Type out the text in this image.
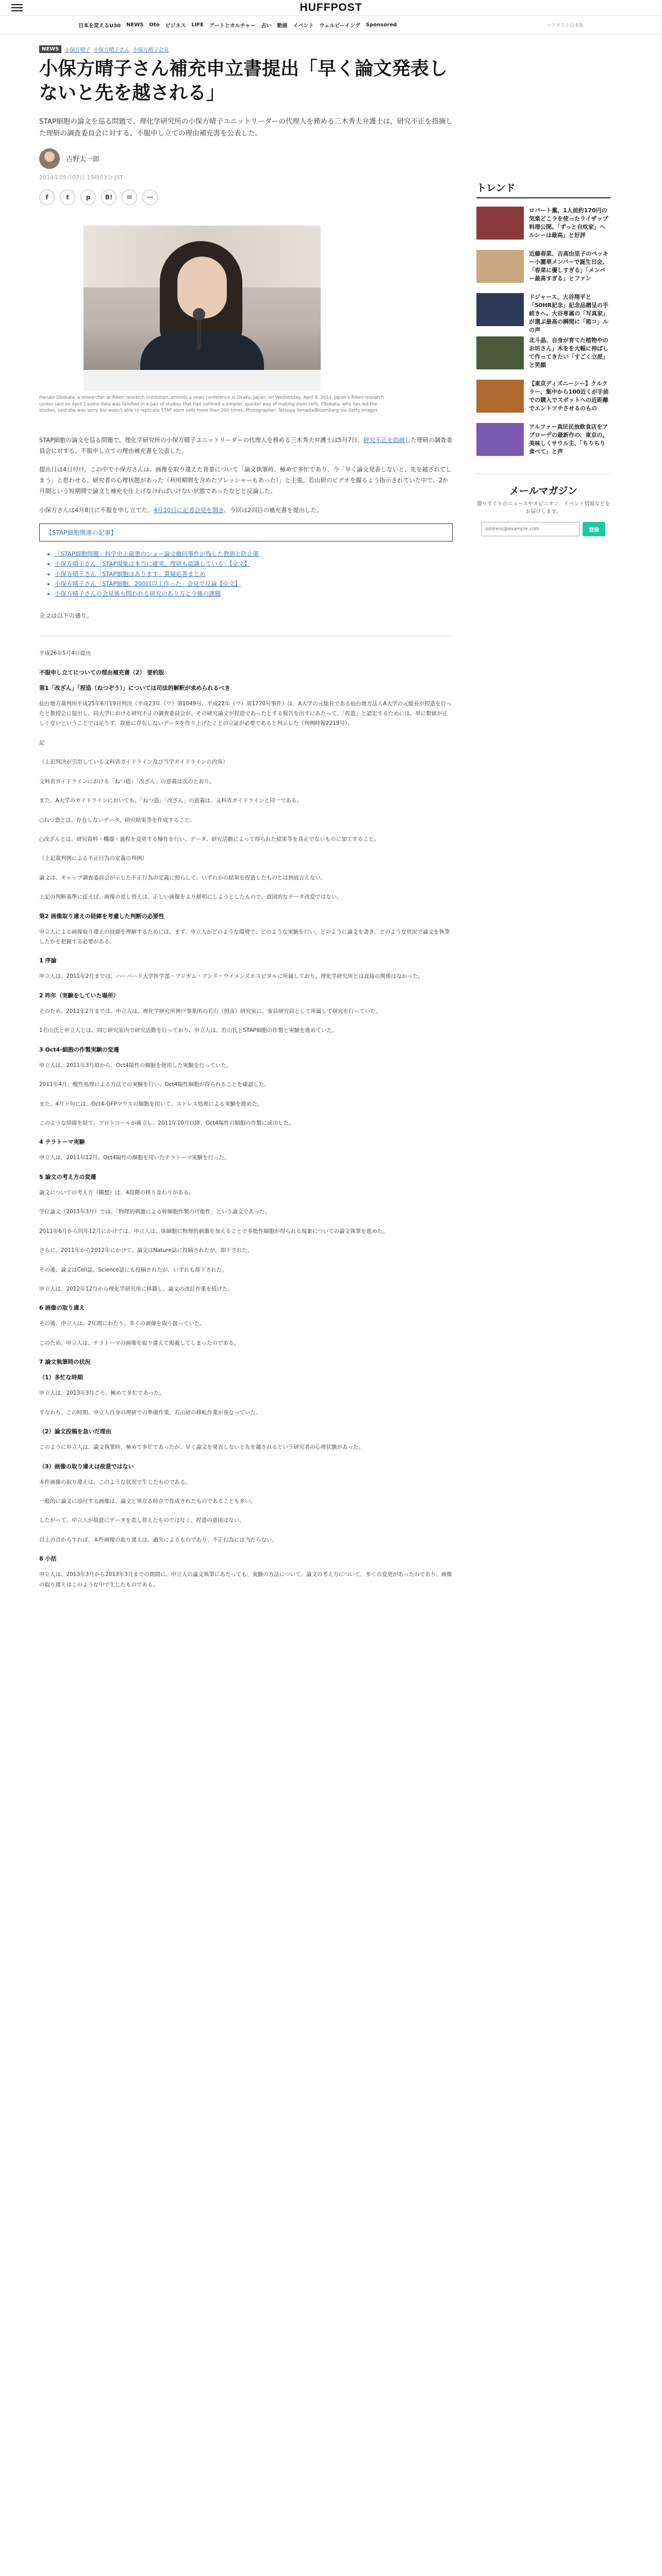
HUFFPOST
日本を変えるU30 NEWS Oto ビジネス LIFE アートとカルチャー 占い 動画 イベント ウェルビーイング Sponsored	ハフポスト日本版
NEWS	小保方晴子 小保方晴子さん 小保方晴子会見
小保方晴子さん補充申立書提出「早く論文発表しないと先を越される」

STAP細胞の論文を巡る問題で、理化学研究所の小保方晴子ユニットリーダーの代理人を務める三木秀夫弁護士は、研究不正を指摘した理研の調査委員会に対する、不服申し立ての理由補充書を公表した。

吉野太一郎
2014年05月07日 19時03分 JST
f	t	p	B!	✉	⋯

Haruko Obokata, a researcher at Riken research institution, attends a news conference in Osaka, Japan, on Wednesday, April 9, 2014. Japan's Riken research center said on April 1 some data was falsified in a pair of studies that had outlined a simpler, quicker way of making stem cells. Obokata, who has led the studies, said she was sorry but wasn't able to replicate STAP stem cells more than 200 times. Photographer: Tetsuya Yamada/Bloomberg via Getty Images

STAP細胞の論文を巡る問題で、理化学研究所の小保方晴子ユニットリーダーの代理人を務める三木秀夫弁護士は5月7日、研究不正を指摘した理研の調査委員会に対する、不服申し立ての理由補充書を公表した。

提出日は4日付け。この中で小保方さんは、画像を取り違えた背景について「論文執筆時、極めて多忙であり、今「早く論文発表しないと、先を越されてしまう」と思わせる、研究者の心理状態があった（利用期間を含めたプレッシャーもあった）」と主張。若山研のビデオを撮るよう指示されていた中で、2か月間という短期間で論文と補充を仕上げなければいけない状態であったなどと反論した。

小保方さんは4月8日に不服を申し立てた。4月10日に記者会見を開き、今回は2回目の補充書を提出した。

【STAP細胞関連の記事】
• 「STAP細胞問題」科学史上最悪のショー論文撤回事件が残した教訓と防止策
• 小保方晴子さん「STAP現象は本当に確実、理研も認識している」【全文】
• 小保方晴子さん「STAP細胞はあります」質疑応答まとめ
• 小保方晴子さん「STAP細胞、200回以上作った」会見で反論【全文】
• 小保方晴子さんの会見後も問われる研究のあり方と今後の課題

全文は以下の通り。

平成26年5月4日提出

不服申し立てについての理由補充書（2） 要約版
第1「改ざん」「捏造（ねつぞう）」については司法的解釈が求められるべき

仙台地方裁判所平成25年6月19日判決（平成23年（ワ）第1049号、平成22年（ワ）第1770号事件）は、A大学の元総長である仙台地方法人A大学の元総長が捏造を行ったと教授会に提出し、同大学における研究不正の調査委員会が、その研究論文が捏造であったとする報告を出すにあたって、「捏造」と認定するためには、単に数値が正しくないということでは足りず、故意に存在しないデータを作り上げたことの立証が必要であると判示した（判例時報2219号）。

記

（上記判決が引用している文科省ガイドライン及び当学ガイドラインの内容）

文科省ガイドラインにおける「ねつ造」「改ざん」の意義は次のとおり。

また、A大学のガイドラインにおいても、「ねつ造」「改ざん」の意義は、文科省ガイドラインと同一である。

○ねつ造とは、存在しないデータ、研究結果等を作成すること。

○改ざんとは、研究資料・機器・過程を変更する操作を行い、データ、研究活動によって得られた結果等を真正でないものに加工すること。

（上記裁判例による不正行為の定義の判例）

論文は、キャップ調査委員会が示した不正行為の定義に照らして、いずれかの結果を捏造したものとは到底言えない。

上記の判断基準に従えば、画像の差し替えは、正しい画像をより鮮明にしようとしたもので、意図的なデータ改変ではない。

第2 画像取り違えの経緯を考慮した判断の必要性

申立人による画像取り違えの経緯を理解するためには、まず、申立人がどのような環境で、どのような実験を行い、どのように論文を書き、どのような状況で論文を執筆したかを把握する必要がある。

1 序論

申立人は、2011年2月までは、ハーバード大学医学部・ブリガム・アンド・ウイメンズホスピタルに所属しており、理化学研究所とは直接の関係はなかった。

2 昨年（実験をしていた場所）

そのため、2011年2月までは、申立人は、理化学研究所神戸事業所の若山（照彦）研究室に、客員研究員として所属して研究を行っていた。

1若山氏と申立人とは、同じ研究室内で研究活動を行っており、申立人は、若山氏とSTAP細胞の作製と実験を進めていた。

3 Oct4-細胞の作製実験の変遷

申立人は、2011年3月頃から、Oct4陽性の細胞を使用した実験を行っていた。

2011年4月、酸性処理による方法での実験を行い、Oct4陽性細胞が得られることを確認した。

また、4月下旬には、Oct4-GFPマウスの細胞を用いて、ストレス処理による実験を進めた。

このような経緯を経て、プロトコールが確立し、2011年10月以降、Oct4陽性の細胞の作製に成功した。

4 テラトーマ実験

申立人は、2011年12月、Oct4陽性の細胞を用いたテラトーマ実験を行った。

5 論文の考え方の変遷

論文についての考え方（構想）は、4段階の移り変わりがある。

学位論文（2011年3月）では、「物理的刺激による幹細胞作製の可能性」という論文であった。

2011年6月から同年12月にかけては、申立人は、体細胞に物理的刺激を加えることで多能性細胞が得られる現象についての論文執筆を進めた。

さらに、2011年から2012年にかけて、論文はNature誌に投稿されたが、却下された。

その後、論文はCell誌、Science誌にも投稿されたが、いずれも却下された。

申立人は、2012年12月から理化学研究所に移籍し、論文の改訂作業を続けた。

6 画像の取り違え

その後、申立人は、2年間にわたり、多くの画像を取り扱っていた。

このため、申立人は、テラトーマの画像を取り違えて掲載してしまったのである。

7 論文執筆時の状況
（1）多忙な時期

申立人は、2013年3月ごろ、極めて多忙であった。

すなわち、この時期、申立人自身の理研での準備作業、若山研の移転作業が重なっていた。

（2）論文投稿を急いだ理由

このように申立人は、論文執筆時、極めて多忙であったが、早く論文を発表しないと先を越されるという研究者の心理状態があった。

（3）画像の取り違えは故意ではない

本件画像の取り違えは、このような状況で生じたものである。

一般的に論文に添付する画像は、論文と異なる時点で作成されたものであることも多い。

したがって、申立人が故意にデータを差し替えたものではなく、捏造の意図はない。

以上の点からすれば、本件画像の取り違えは、過失によるものであり、不正行為には当たらない。

8 小括

申立人は、2013年3月から2013年3月までの期間に、申立人の論文執筆にあたっても、実験の方法について、論文の考え方について、多くの変更があったのであり、画像の取り違えはこのような中で生じたものである。

トレンド
ロバート薫、1人前約170円の気楽どこラを使ったライザップ料理公開。「ずっと自炊家」ヘルシーは最高」と好評
近藤春菜、吉高由里子のペッキー小麗華メンバーで誕生日会。「春菜に優しすぎる」「メンバー最高すぎる」とファン
ドジャース、大谷翔平と「50HR記念」記念品贈呈の手続きへ。大谷専属の「写真家」が選ぶ最高の瞬間に「箱コ」ルの声
北斗晶、自身が育てた植物やのお坊さん」木をを大幅に伸ばして作ってきたい「すごく立派」と笑顔
【東京ディズニーシー】クルクラー、集中から100近くが手前での購入でスポットへの近距離でエントツチさせるのもの
アルファー真民民放飲食店をアプローデの最新作の、東京の。美味しくサウル主、「ちりちり食べて」と声
メールマガジン
選りすぐりのニュースやオピニオン、イベント情報などをお届けします。
address@example.com
登録
